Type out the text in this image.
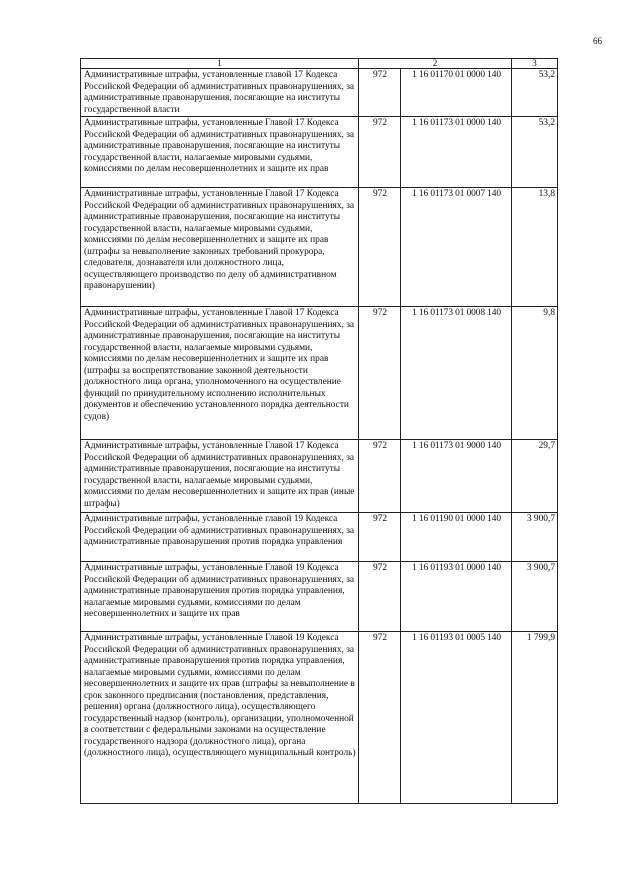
66
1	2		3
Административные штрафы, установленные главой 17 Кодекса Российской Федерации об административных правонарушениях, за административные правонарушения, посягающие на институты государственной власти	972	1 16 01170 01 0000 140	53,2
Административные штрафы, установленные Главой 17 Кодекса Российской Федерации об административных правонарушениях, за административные правонарушения, посягающие на институты государственной власти, налагаемые мировыми судьями, комиссиями по делам несовершеннолетних и защите их прав	972	1 16 01173 01 0000 140	53,2
Административные штрафы, установленные Главой 17 Кодекса Российской Федерации об административных правонарушениях, за административные правонарушения, посягающие на институты государственной власти, налагаемые мировыми судьями, комиссиями по делам несовершеннолетних и защите их прав (штрафы за невыполнение законных требований прокурора, следователя, дознавателя или должностного лица, осуществляющего производство по делу об административном правонарушении)	972	1 16 01173 01 0007 140	13,8
Административные штрафы, установленные Главой 17 Кодекса Российской Федерации об административных правонарушениях, за административные правонарушения, посягающие на институты государственной власти, налагаемые мировыми судьями, комиссиями по делам несовершеннолетних и защите их прав (штрафы за воспрепятствование законной деятельности должностного лица органа, уполномоченного на осуществление функций по принудительному исполнению исполнительных документов и обеспечению установленного порядка деятельности судов)	972	1 16 01173 01 0008 140	9,8
Административные штрафы, установленные Главой 17 Кодекса Российской Федерации об административных правонарушениях, за административные правонарушения, посягающие на институты государственной власти, налагаемые мировыми судьями, комиссиями по делам несовершеннолетних и защите их прав (иные штрафы)	972	1 16 01173 01 9000 140	29,7
Административные штрафы, установленные главой 19 Кодекса Российской Федерации об административных правонарушениях, за административные правонарушения против порядка управления	972	1 16 01190 01 0000 140	3 900,7
Административные штрафы, установленные Главой 19 Кодекса Российской Федерации об административных правонарушениях, за административные правонарушения против порядка управления, налагаемые мировыми судьями, комиссиями по делам несовершеннолетних и защите их прав	972	1 16 01193 01 0000 140	3 900,7
Административные штрафы, установленные Главой 19 Кодекса Российской Федерации об административных правонарушениях, за административные правонарушения против порядка управления, налагаемые мировыми судьями, комиссиями по делам несовершеннолетних и защите их прав (штрафы за невыполнение в срок законного предписания (постановления, представления, решения) органа (должностного лица), осуществляющего государственный надзор (контроль), организации, уполномоченной в соответствии с федеральными законами на осуществление государственного надзора (должностного лица), органа (должностного лица), осуществляющего муниципальный контроль)	972	1 16 01193 01 0005 140	1 799,9
